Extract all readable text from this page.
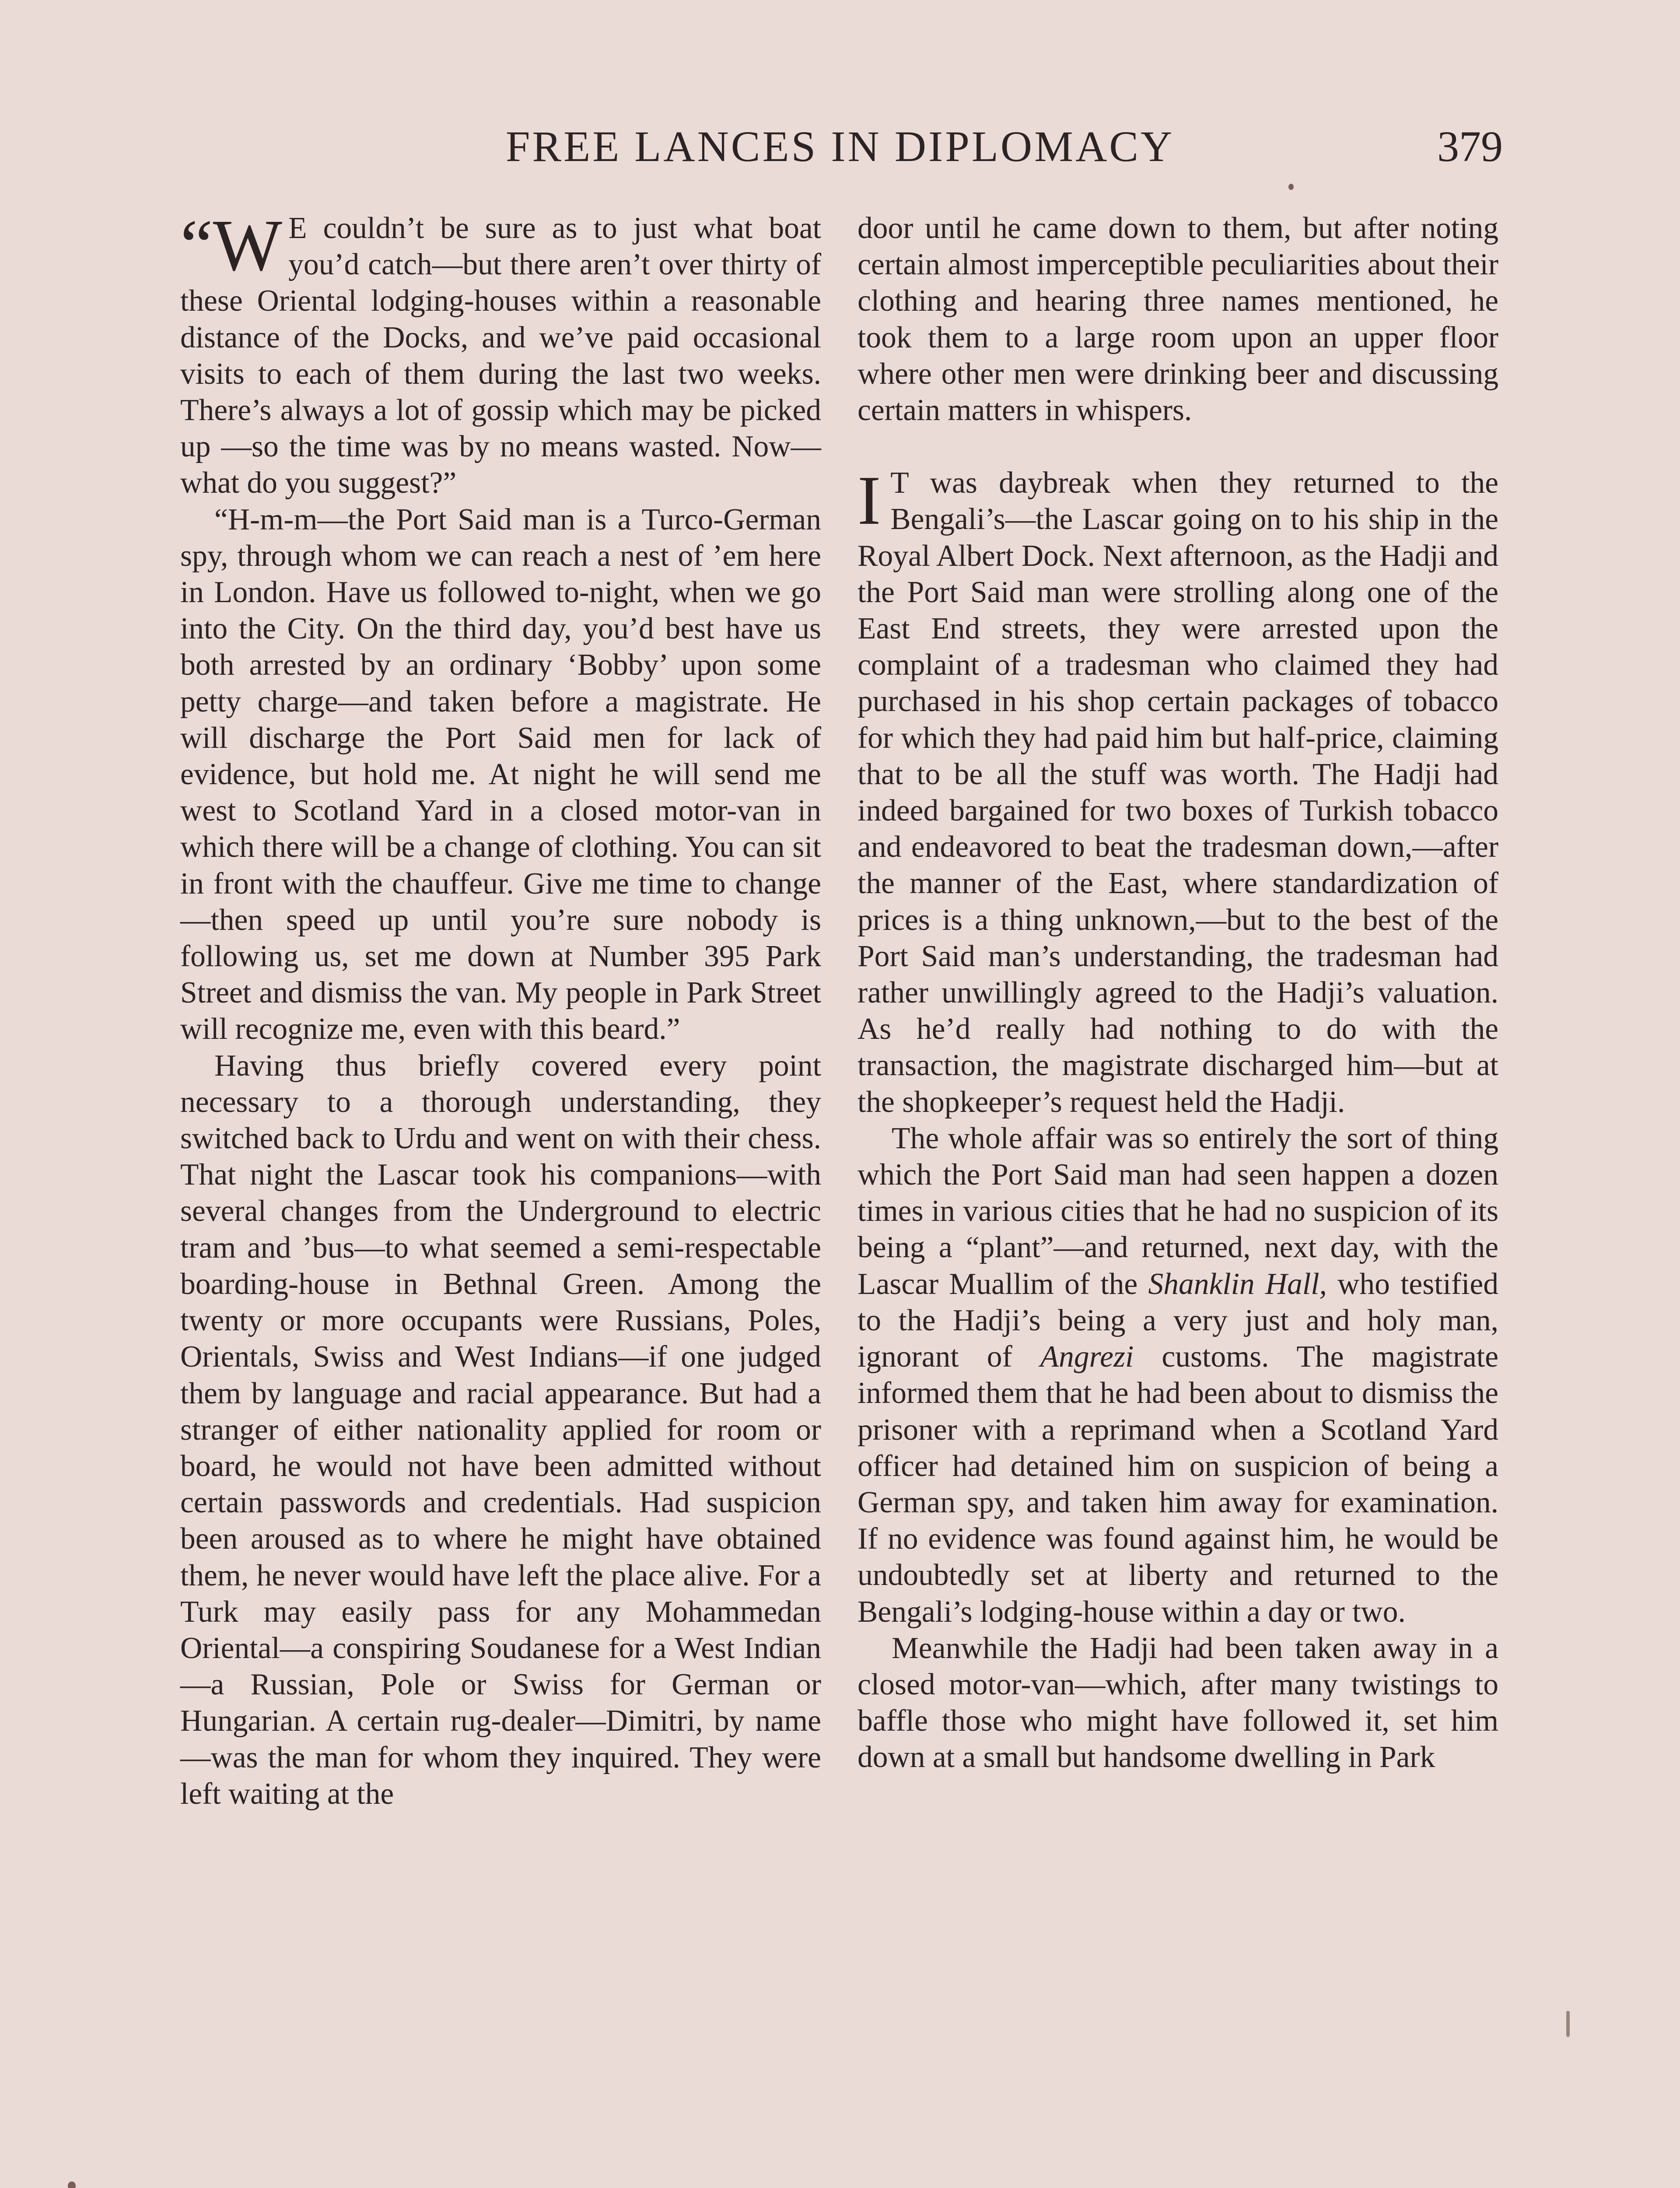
FREE LANCES IN DIPLOMACY	379

“W E couldn’t be sure as to just what boat you’d catch—but there aren’t over thirty of these Oriental lodging-houses within a reasonable distance of the Docks, and we’ve paid occasional visits to each of them during the last two weeks. There’s always a lot of gossip which may be picked up —so the time was by no means wasted. Now—what do you suggest?”

“H-m-m—the Port Said man is a Turco-German spy, through whom we can reach a nest of ’em here in London. Have us followed to-night, when we go into the City. On the third day, you’d best have us both arrested by an ordinary ‘Bobby’ upon some petty charge—and taken before a magistrate. He will discharge the Port Said men for lack of evidence, but hold me. At night he will send me west to Scotland Yard in a closed motor-van in which there will be a change of clothing. You can sit in front with the chauffeur. Give me time to change—then speed up until you’re sure nobody is following us, set me down at Number 395 Park Street and dismiss the van. My people in Park Street will recognize me, even with this beard.”

Having thus briefly covered every point necessary to a thorough understanding, they switched back to Urdu and went on with their chess. That night the Lascar took his companions—with several changes from the Underground to electric tram and ’bus—to what seemed a semi-respectable boarding-house in Bethnal Green. Among the twenty or more occupants were Russians, Poles, Orientals, Swiss and West Indians—if one judged them by language and racial appearance. But had a stranger of either nationality applied for room or board, he would not have been admitted without certain passwords and credentials. Had suspicion been aroused as to where he might have obtained them, he never would have left the place alive. For a Turk may easily pass for any Mohammedan Oriental—a conspiring Soudanese for a West Indian—a Russian, Pole or Swiss for German or Hungarian. A certain rug-dealer—Dimitri, by name—was the man for whom they inquired. They were left waiting at the

door until he came down to them, but after noting certain almost imperceptible peculiarities about their clothing and hearing three names mentioned, he took them to a large room upon an upper floor where other men were drinking beer and discussing certain matters in whispers.

I T was daybreak when they returned to the Bengali’s—the Lascar going on to his ship in the Royal Albert Dock. Next afternoon, as the Hadji and the Port Said man were strolling along one of the East End streets, they were arrested upon the complaint of a tradesman who claimed they had purchased in his shop certain packages of tobacco for which they had paid him but half-price, claiming that to be all the stuff was worth. The Hadji had indeed bargained for two boxes of Turkish tobacco and endeavored to beat the tradesman down,—after the manner of the East, where standardization of prices is a thing unknown,—but to the best of the Port Said man’s understanding, the tradesman had rather unwillingly agreed to the Hadji’s valuation. As he’d really had nothing to do with the transaction, the magistrate discharged him—but at the shopkeeper’s request held the Hadji.

The whole affair was so entirely the sort of thing which the Port Said man had seen happen a dozen times in various cities that he had no suspicion of its being a “plant”—and returned, next day, with the Lascar Muallim of the Shanklin Hall, who testified to the Hadji’s being a very just and holy man, ignorant of Angrezi customs. The magistrate informed them that he had been about to dismiss the prisoner with a reprimand when a Scotland Yard officer had detained him on suspicion of being a German spy, and taken him away for examination. If no evidence was found against him, he would be undoubtedly set at liberty and returned to the Bengali’s lodging-house within a day or two.

Meanwhile the Hadji had been taken away in a closed motor-van—which, after many twistings to baffle those who might have followed it, set him down at a small but handsome dwelling in Park
